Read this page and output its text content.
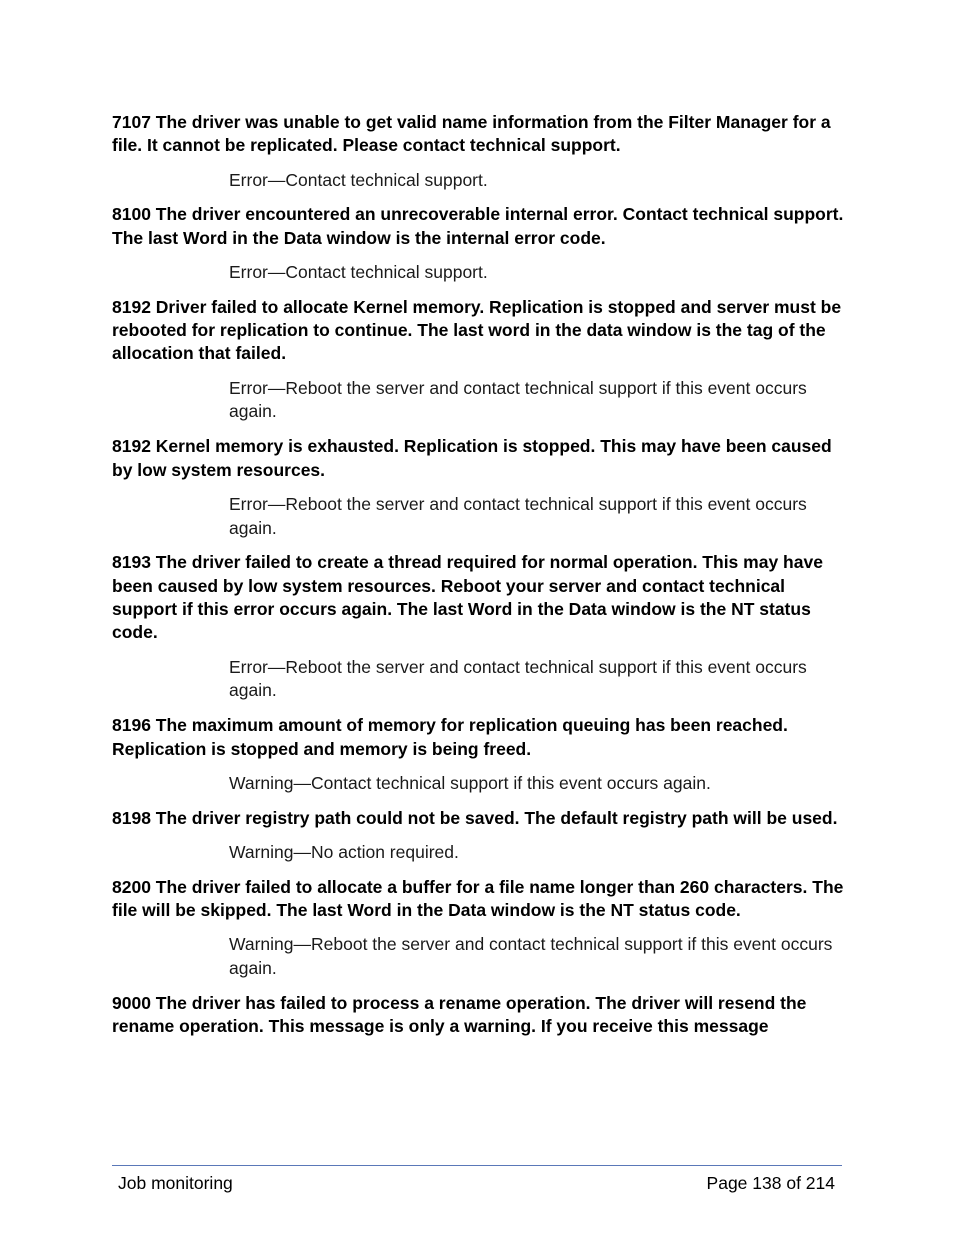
7107 The driver was unable to get valid name information from the Filter Manager for a file. It cannot be replicated. Please contact technical support.

Error—Contact technical support.

8100 The driver encountered an unrecoverable internal error. Contact technical support. The last Word in the Data window is the internal error code.

Error—Contact technical support.

8192 Driver failed to allocate Kernel memory. Replication is stopped and server must be rebooted for replication to continue. The last word in the data window is the tag of the allocation that failed.

Error—Reboot the server and contact technical support if this event occurs again.

8192 Kernel memory is exhausted. Replication is stopped. This may have been caused by low system resources.

Error—Reboot the server and contact technical support if this event occurs again.

8193 The driver failed to create a thread required for normal operation. This may have been caused by low system resources. Reboot your server and contact technical support if this error occurs again. The last Word in the Data window is the NT status code.

Error—Reboot the server and contact technical support if this event occurs again.

8196 The maximum amount of memory for replication queuing has been reached. Replication is stopped and memory is being freed.

Warning—Contact technical support if this event occurs again.

8198 The driver registry path could not be saved. The default registry path will be used.

Warning—No action required.

8200 The driver failed to allocate a buffer for a file name longer than 260 characters. The file will be skipped. The last Word in the Data window is the NT status code.

Warning—Reboot the server and contact technical support if this event occurs again.

9000 The driver has failed to process a rename operation. The driver will resend the rename operation. This message is only a warning. If you receive this message

Job monitoring	Page 138 of 214
